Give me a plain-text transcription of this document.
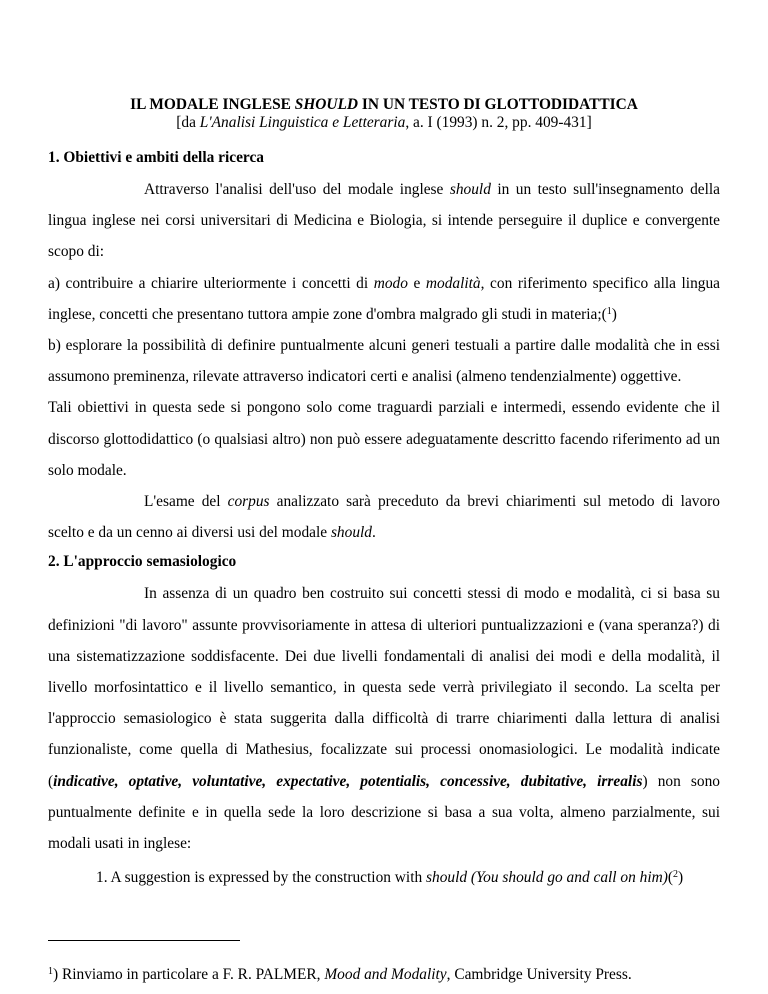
IL MODALE INGLESE SHOULD IN UN TESTO DI GLOTTODIDATTICA

[da L'Analisi Linguistica e Letteraria, a. I (1993) n. 2, pp. 409-431]

1. Obiettivi e ambiti della ricerca

Attraverso l'analisi dell'uso del modale inglese should in un testo sull'insegnamento della lingua inglese nei corsi universitari di Medicina e Biologia, si intende perseguire il duplice e convergente scopo di:

a) contribuire a chiarire ulteriormente i concetti di modo e modalità, con riferimento specifico alla lingua inglese, concetti che presentano tuttora ampie zone d'ombra malgrado gli studi in materia;($^1$)

b) esplorare la possibilità di definire puntualmente alcuni generi testuali a partire dalle modalità che in essi assumono preminenza, rilevate attraverso indicatori certi e analisi (almeno tendenzialmente) oggettive.

Tali obiettivi in questa sede si pongono solo come traguardi parziali e intermedi, essendo evidente che il discorso glottodidattico (o qualsiasi altro) non può essere adeguatamente descritto facendo riferimento ad un solo modale.

L'esame del corpus analizzato sarà preceduto da brevi chiarimenti sul metodo di lavoro scelto e da un cenno ai diversi usi del modale should.

2. L'approccio semasiologico

In assenza di un quadro ben costruito sui concetti stessi di modo e modalità, ci si basa su definizioni "di lavoro" assunte provvisoriamente in attesa di ulteriori puntualizzazioni e (vana speranza?) di una sistematizzazione soddisfacente. Dei due livelli fondamentali di analisi dei modi e della modalità, il livello morfosintattico e il livello semantico, in questa sede verrà privilegiato il secondo. La scelta per l'approccio semasiologico è stata suggerita dalla difficoltà di trarre chiarimenti dalla lettura di analisi funzionaliste, come quella di Mathesius, focalizzate sui processi onomasiologici. Le modalità indicate (indicative, optative, voluntative, expectative, potentialis, concessive, dubitative, irrealis) non sono puntualmente definite e in quella sede la loro descrizione si basa a sua volta, almeno parzialmente, sui modali usati in inglese:

1. A suggestion is expressed by the construction with should (You should go and call on him)($^2$)

$^1$) Rinviamo in particolare a F. R. PALMER, Mood and Modality, Cambridge University Press.
